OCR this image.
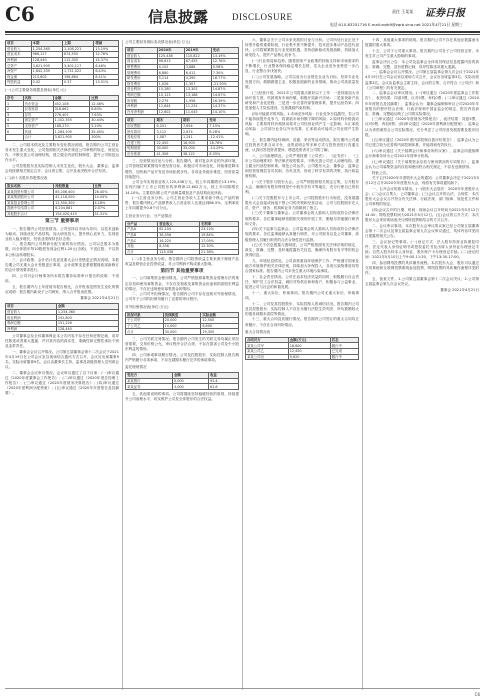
C6	信息披露	DISCLOSURE
责任 王某某 证券日报
电话:010-83251716 E-mail:zqrb9@zqrb.sina.net 2021年4月21日 星期三
项目	本期	上期	增减
营业收入	1,254,360	1,108,221	13.19%
营业成本	986,127	874,550	12.76%
净利润	128,440	112,305	14.37%
总资产	3,621,905	3,402,117	6.46%
净资产	1,842,339	1,731,022	6.43%
现金流	215,602	198,884	8.41%
每股收益	0.42	0.37	13.51%
(一)公司主要财务数据及指标(单位:元)
序号	名称	金额	比例
1	货币资金	452,108	12.48%
2	应收账款	318,662	8.80%
3	存货	276,401	7.63%
4	固定资产	1,102,355	30.44%
5	无形资产	188,270	5.20%
6	其他	1,284,109	35.45%
	合计	3,621,905	100%

二、公司基本情况及主要股东变化情况说明。报告期内公司主营业务未发生重大变化，公司按照相关法律法规及公司章程的规定，规范运作，不断完善公司治理结构，建立健全内部控制制度，提升公司规范运作水平。

公司控股股东及实际控制人未发生变化，股东大会、董事会、监事会均按照相关规定召开，会议的召集、召开及表决程序合法有效。

(二)前十名股东持股情况表
股东名称	持股数量	比例
某某投资有限公司	85,206,400	28.40%
某某集团股份公司	42,118,000	14.04%
某某基金管理公司	12,550,300	4.18%
香港中央结算公司	6,204,881	2.07%
其他股东合计	154,020,419	51.31%
第三节 重要事项

一、报告期内公司经营情况。公司坚持以市场为导向，以技术创新为驱动，持续优化产品结构，加大研发投入，提升核心竞争力，实现营业收入稳步增长，经营业绩保持良好态势。

二、报告期内公司利润分配方案的执行情况。公司以总股本为基数，向全体股东每10股派发现金红利1.20元(含税)，不送红股，不以资本公积金转增股本。

三、会计政策、会计估计变更及重大会计差错更正情况说明。本报告期公司无重大会计差错更正事项，会计政策变更系根据财政部新修订的会计准则要求进行。

四、公司对会计师事务所本报告期非标准审计报告的说明：不适用。

五、报告期内与上年度财务报告相比，合并报表范围发生变化的情况说明：报告期内新设子公司两家，纳入合并报表范围。

董事会 2021年4月21日
项目	金额
营业收入	1,254,360
营业利润	152,803
利润总额	151,226
净利润	128,440

公司董事会及全体董事保证本公告内容不存在任何虚假记载、误导性陈述或者重大遗漏，并对其内容的真实性、准确性和完整性承担个别及连带责任。

一、董事会会议召开情况。公司第五届董事会第十二次会议于2021年4月19日在公司会议室以现场结合通讯方式召开，会议应出席董事9名，实际出席董事9名，会议由董事长主持，监事及高级管理人员列席会议。

二、董事会会议审议情况。会议审议通过了以下议案：(一)审议通过《2020年度董事会工作报告》；(二)审议通过《2020年度总经理工作报告》；(三)审议通过《2020年度财务决算报告》；(四)审议通过《2020年度利润分配预案》；(五)审议通过《2020年年度报告及其摘要》。

公司主要财务指标变动情况表(单位:万元)
项目	2020年	2019年	变动
营业收入	125,436	110,822	13.19%
营业成本	98,613	87,455	12.76%
销售费用	4,102	3,886	5.56%
管理费用	6,880	6,412	7.30%
研发费用	5,214	4,390	18.77%
财务费用	1,026	1,307	-21.50%
营业利润	15,280	13,302	14.87%
利润总额	15,123	13,188	14.67%
所得税	2,279	1,958	16.39%
净利润	12,844	11,231	14.37%
归母净利润	12,602	11,045	14.10%
项目	期末	期初	变动
应收票据	8,201	7,654	7.15%
预付款项	3,112	2,874	8.28%
其他应收	1,087	1,241	-12.41%
在建工程	22,450	18,903	18.76%
短期借款	30,000	35,000	-14.29%
应付账款	41,306	38,122	8.35%

三、经营情况讨论与分析。报告期内，面对复杂多变的外部环境，公司管理层紧紧围绕年度经营目标，积极应对市场变化，持续推进降本增效，加快新产品开发及市场拓展步伐，各项业务稳步推进，经营质量持续提升。

公司全年实现营业收入125,436万元，较上年同期增长13.19%；实现归属于上市公司股东的净利润12,602万元，较上年同期增长14.10%。主要原因系公司产品销量增加及产品结构优化所致。

(一)主营业务分析。公司主营业务收入主要来源于核心产品的销售，报告期内核心产品销售收入占营业收入比重达到86.5%，毛利率较上年同期提升0.8个百分点。

主营业务分行业、分产品情况
分产品	营业收入	毛利率
产品A	62,104	23.12%
产品B	38,556	19.84%
产品C	16,220	17.05%
其他	8,556	12.30%
合计	125,436	21.38%

(二)非主营业务分析。报告期内公司投资收益主要来源于理财产品收益及联营企业投资收益，对公司利润不构成重大影响。

第四节 其他重要事项

一、公司募集资金使用情况。公司严格按照募集资金管理办法的规定存放和使用募集资金，不存在变相改变募集资金用途和损害股东利益的情况，不存在违规使用募集资金的情形。

二、公司对外担保情况。报告期内公司不存在违规对外担保情况，公司对子公司的担保均履行了必要的审议程序。

对外担保情况表(单位:万元)
担保对象	担保额度	实际金额
子公司甲	20,000	12,500
子公司乙	10,000	6,800
合计	30,000	19,300

三、公司关联交易情况。报告期内公司发生的关联交易均属正常经营需要，交易价格公允，审议程序合法合规，不存在损害公司及中小股东利益的情形。

四、公司承诺事项履行情况。公司及控股股东、实际控制人报告期内严格履行各项承诺，不存在超期未履行完毕的承诺事项。

委托理财情况
受托方	金额	收益
某某银行	5,000	92.4
某某证券	3,000	61.8

五、其他需说明的事项。公司将继续坚持稳健经营的原则，持续提升公司治理水平，切实维护公司及全体股东的合法权益。

六、董事会关于公司未来发展的讨论与分析。公司所处行业正处于转型升级的重要阶段，行业集中度不断提升，技术进步推动产品迭代加快。公司将紧紧抓住行业发展机遇，坚持创新驱动发展战略，持续加大研发投入，提升产品核心竞争力。

(一)行业格局和趋势。随着国家产业政策的持续支持和市场需求的不断增长，行业整体保持稳定增长态势，龙头企业竞争优势进一步凸显，行业整合步伐加快。

(二)公司发展战略。公司以成为行业领先企业为目标，坚持专业化发展方向，做精做强主业，积极拓展新的业务领域，推动公司高质量发展。

(三)经营计划。2021年公司将重点做好以下工作：一是持续加大市场开拓力度，巩固现有市场份额，积极开拓新兴市场；二是加快新产品研发和产业化进程；三是进一步完善内部管理体系，提升运营效率；四是加强人才队伍建设，完善激励约束机制。

(四)可能面对的风险。1.市场竞争风险：行业竞争日趋激烈，若公司不能持续提升竞争力，将面临市场份额下降的风险；2.原材料价格波动风险：主要原材料价格波动将对公司经营业绩产生一定影响；3.汇率波动风险：公司部分业务以外币结算，汇率波动可能对公司业绩产生影响。

七、报告期内接待调研、沟通、采访等活动情况。报告期内公司通过投资者关系互动平台、业绩说明会等多种方式与投资者进行沟通交流，认真回答投资者提问，增进投资者对公司的了解。

八、公司治理情况。公司严格按照《公司法》、《证券法》、《上市公司治理准则》等法律法规的要求，不断完善公司法人治理结构，建立健全内部控制体系，规范公司运作。公司股东大会、董事会、监事会和经营管理层各司其职、各负其责，形成了科学有效的决策、执行和监督机制。

(一)关于股东与股东大会。公司严格按照相关规定召集、召开股东大会，确保所有股东特别是中小股东享有平等地位，充分行使自己的权利。

(二)关于控股股东与上市公司。公司控股股东行为规范，没有超越股东大会直接或间接干预公司的决策和经营活动，公司与控股股东在人员、资产、财务、机构和业务方面做到了独立。

(三)关于董事与董事会。公司董事会的人数和人员构成符合法律法规的要求，各位董事能够依据相关规则开展工作，勤勉尽责地履行职责和义务。

(四)关于监事与监事会。公司监事会的人数和人员构成符合法律法规的要求，各位监事能够认真履行职责，对公司财务以及公司董事、高级管理人员履行职责的合法合规性进行监督。

(五)关于信息披露与透明度。公司严格按照有关法律法规的规定，真实、准确、完整、及时地披露有关信息，确保所有股东有平等的机会获得信息。

九、环境信息情况。公司高度重视环境保护工作，严格遵守国家及地方环境保护相关法律法规，持续加大环保投入，各项污染物排放均符合国家标准。报告期内公司未发生重大环境污染事故。

十、社会责任情况。公司在追求经济效益的同时，积极履行社会责任，保护员工合法权益，诚信对待供应商和客户，积极参与公益事业，促进公司与社会的和谐发展。

十一、重大诉讼、仲裁事项。报告期内公司无重大诉讼、仲裁事项。

十二、公司及其控股股东、实际控制人的诚信状况。报告期内公司及其控股股东、实际控制人不存在未履行法院生效判决、所负数额较大的债务到期未清偿等情况。

十三、重大合同及其履行情况。报告期内公司签订的重大合同均正常履行，不存在合同纠纷情况。

重大合同情况表
合同对方	金额(万元)	状态
某某公司甲	18,600	履行中
某某公司乙	12,450	已完成
某某公司丙	9,820	履行中

十四、其他重大事项的说明。报告期内公司不存在其他应披露而未披露的重大事项。

十五、公司子公司重大事项。报告期内公司各子公司经营正常，未发生对公司产生重大影响的事项。

监事会决议公告：本公司及监事会全体成员保证信息披露内容的真实、准确、完整，没有虚假记载、误导性陈述或重大遗漏。

一、监事会会议召开情况。公司第五届监事会第九次会议于2021年4月19日在公司会议室以现场方式召开，会议应出席监事3名，实际出席监事3名，会议由监事会主席主持，会议的召集、召开符合《公司法》和《公司章程》的有关规定。

二、监事会会议审议情况。(一)审议通过《2020年度监事会工作报告》，表决结果：同意3票，反对0票，弃权0票；(二)审议通过《2020年年度报告及其摘要》，监事会认为：董事会编制和审议公司2020年年度报告的程序符合法律、行政法规和中国证监会的规定，报告内容真实、准确、完整地反映了公司的实际情况。

(三)审议通过《2020年度财务决算报告》，表决结果：同意3票，反对0票，弃权0票；(四)审议通过《2020年度利润分配预案》，监事会认为该预案符合公司实际情况，充分考虑了公司经营发展需要及股东回报。

(五)审议通过《2020年度内部控制自我评价报告》，监事会认为公司已建立较为完善的内部控制体系，并能得到有效执行。

(六)审议通过《关于续聘会计师事务所的议案》，监事会同意续聘会计师事务所为公司2021年度审计机构。

(七)审议通过《关于募集资金存放与使用情况的专项报告》，监事会认为公司募集资金的存放和使用符合相关规定，不存在违规情形。

特此公告。

关于召开2020年年度股东大会的通知：公司董事会决定于2021年5月12日召开2020年年度股东大会，现将有关事项通知如下。

一、召开会议的基本情况。(一)股东大会届次：2020年年度股东大会；(二)会议召集人：公司董事会；(三)会议召开的合法、合规性：本次股东大会会议召开符合有关法律、行政法规、部门规章、规范性文件和公司章程的规定。

(四)会议召开的日期、时间：现场会议召开时间为2021年5月12日14:30；网络投票时间为2021年5月12日。(五)会议的召开方式：本次股东大会采用现场表决与网络投票相结合的方式召开。

二、会议审议事项。本次股东大会审议的议案已经公司第五届董事会第十二次会议及第五届监事会第九次会议审议通过，具体内容详见同日披露的相关公告。

三、会议登记等事项。(一)登记方式：法人股东持营业执照复印件、法定代表人身份证明书或授权委托书及出席人身份证办理登记手续；自然人股东持本人身份证、股东账户卡办理登记手续。(二)登记时间：2021年5月10日上午9:00-11:30，下午13:30-17:00。

四、参加网络投票的具体操作流程。本次股东大会，股东可以通过交易系统和互联网投票系统参加投票，网络投票的具体操作流程详见附件。

五、备查文件。1.公司第五届董事会第十二次会议决议；2.公司第五届监事会第九次会议决议。

董事会 2021年4月21日
C6
